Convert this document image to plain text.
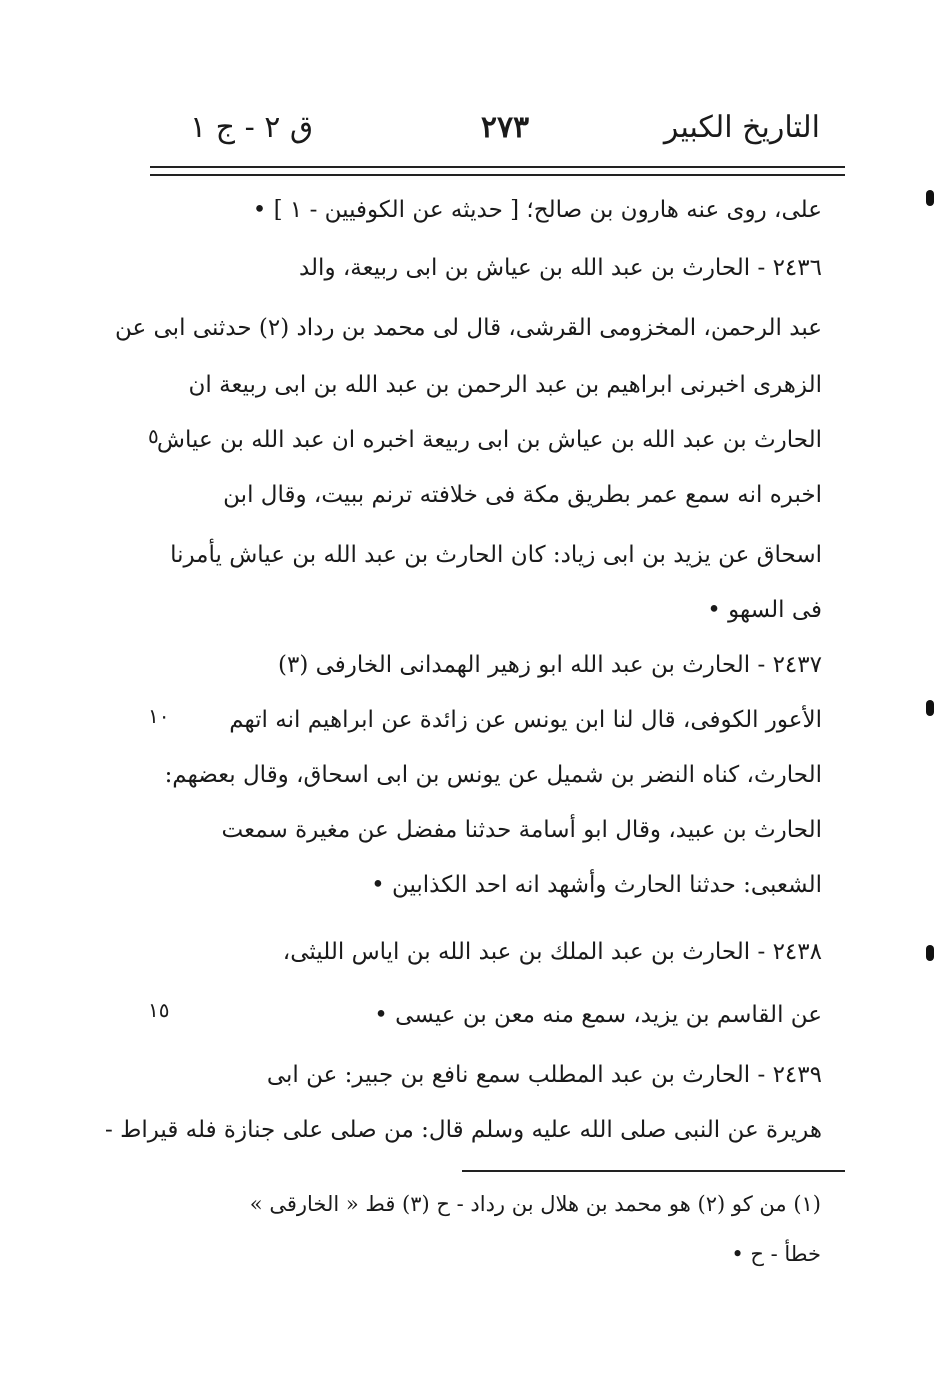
التاريخ الكبير
٢٧٣
ق ٢ - ج ١
على، روى عنه هارون بن صالح؛ [ حديثه عن الكوفيين - ١ ] •
٢٤٣٦ - الحارث بن عبد الله بن عياش بن ابى ربيعة، والد
عبد الرحمن، المخزومى القرشى، قال لى محمد بن رداد (٢) حدثنى ابى عن
الزهرى اخبرنى ابراهيم بن عبد الرحمن بن عبد الله بن ابى ربيعة ان
الحارث بن عبد الله بن عياش بن ابى ربيعة اخبره ان عبد الله بن عياش
اخبره انه سمع عمر بطريق مكة فى خلافته ترنم ببيت، وقال ابن
اسحاق عن يزيد بن ابى زياد: كان الحارث بن عبد الله بن عياش يأمرنا
فى السهو •
٢٤٣٧ - الحارث بن عبد الله ابو زهير الهمدانى الخارفى (٣)
الأعور الكوفى، قال لنا ابن يونس عن زائدة عن ابراهيم انه اتهم
الحارث، كناه النضر بن شميل عن يونس بن ابى اسحاق، وقال بعضهم:
الحارث بن عبيد، وقال ابو أسامة حدثنا مفضل عن مغيرة سمعت
الشعبى: حدثنا الحارث وأشهد انه احد الكذابين •
٢٤٣٨ - الحارث بن عبد الملك بن عبد الله بن اياس الليثى،
عن القاسم بن يزيد، سمع منه معن بن عيسى •
٢٤٣٩ - الحارث بن عبد المطلب سمع نافع بن جبير: عن ابى
هريرة عن النبى صلى الله عليه وسلم قال: من صلى على جنازة فله قيراط -
٥
١٠
١٥
(١) من كو (٢) هو محمد بن هلال بن رداد - ح (٣) قط « الخارقى »
خطأ - ح •
